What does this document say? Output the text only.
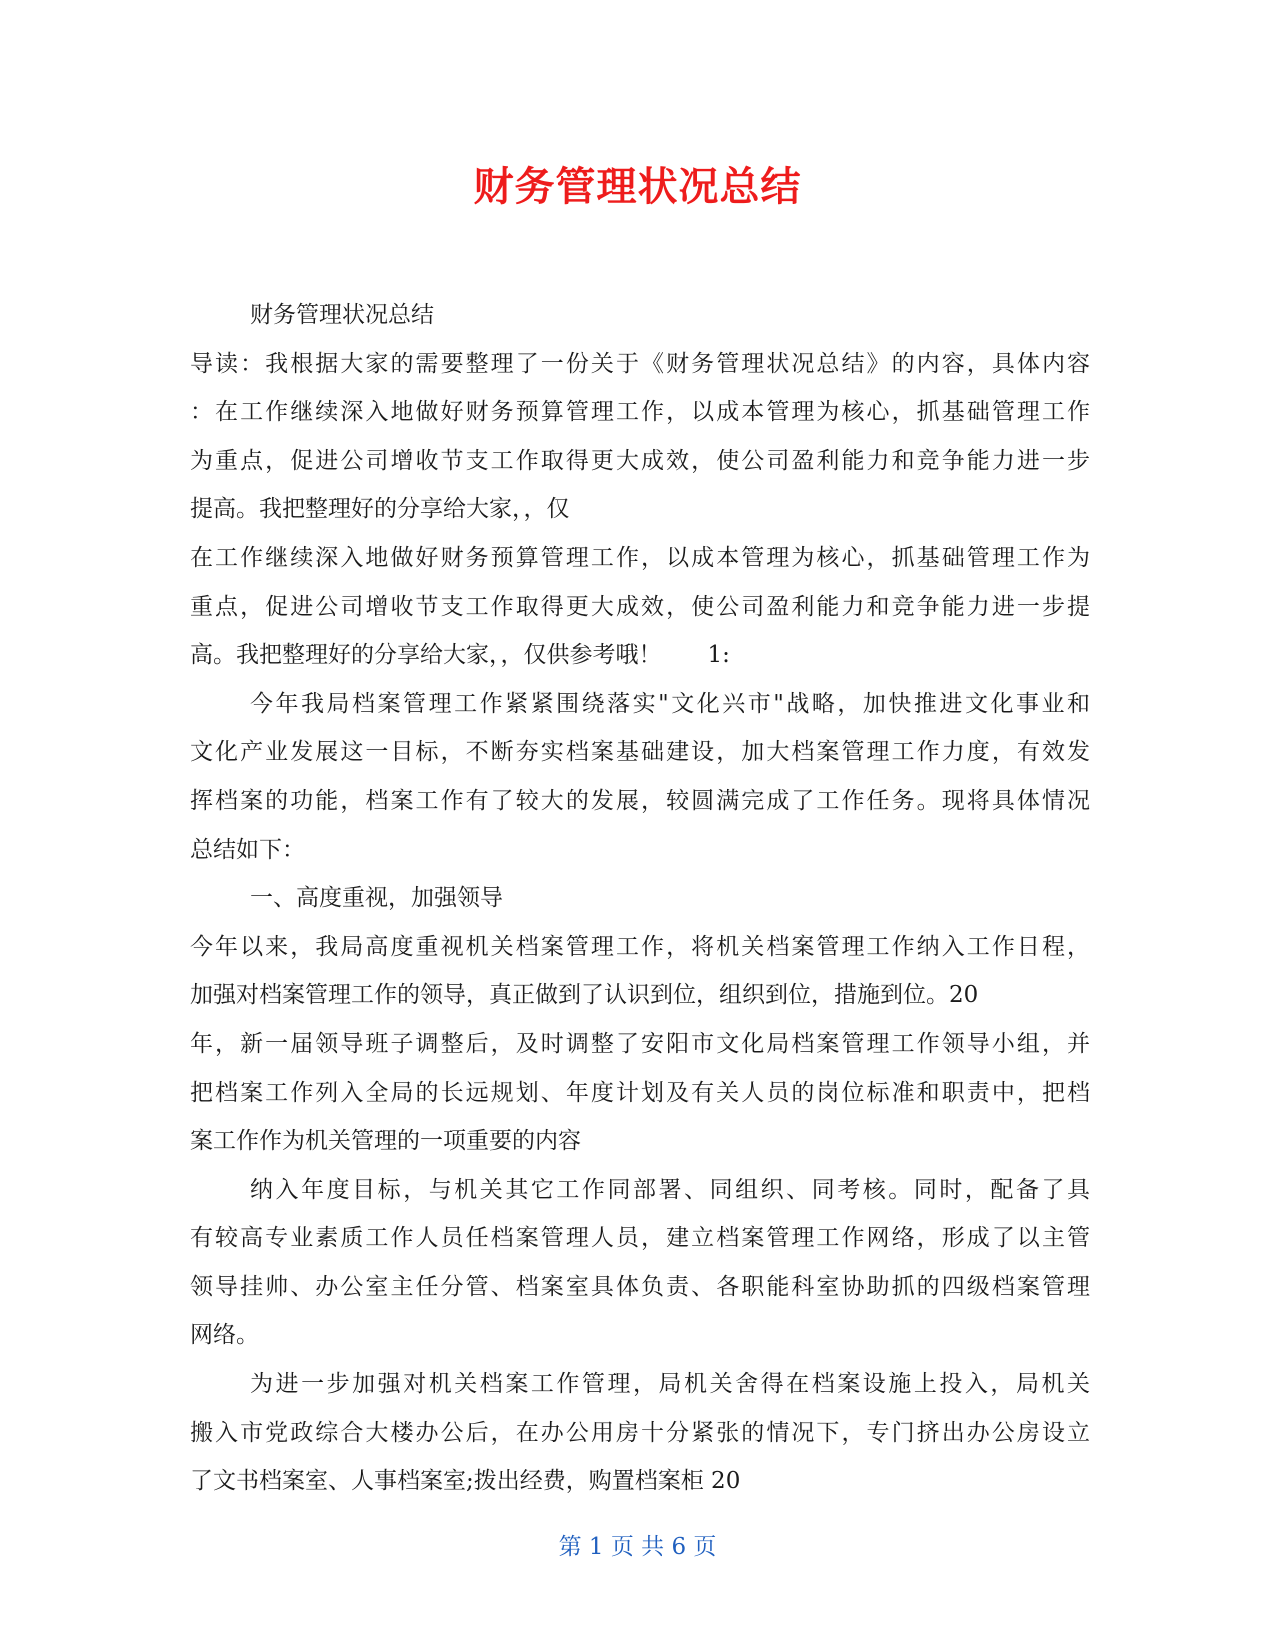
财务管理状况总结
财务管理状况总结
导读：我根据大家的需要整理了一份关于《财务管理状况总结》的内容，具体内容
：在工作继续深入地做好财务预算管理工作，以成本管理为核心，抓基础管理工作
为重点，促进公司增收节支工作取得更大成效，使公司盈利能力和竞争能力进一步
提高。我把整理好的分享给大家，，仅
在工作继续深入地做好财务预算管理工作，以成本管理为核心，抓基础管理工作为
重点，促进公司增收节支工作取得更大成效，使公司盈利能力和竞争能力进一步提
高。我把整理好的分享给大家，，仅供参考哦！　　1:
今年我局档案管理工作紧紧围绕落实"文化兴市"战略，加快推进文化事业和
文化产业发展这一目标，不断夯实档案基础建设，加大档案管理工作力度，有效发
挥档案的功能，档案工作有了较大的发展，较圆满完成了工作任务。现将具体情况
总结如下：
一、高度重视，加强领导
今年以来，我局高度重视机关档案管理工作，将机关档案管理工作纳入工作日程，
加强对档案管理工作的领导，真正做到了认识到位，组织到位，措施到位。20
年，新一届领导班子调整后，及时调整了安阳市文化局档案管理工作领导小组，并
把档案工作列入全局的长远规划、年度计划及有关人员的岗位标准和职责中，把档
案工作作为机关管理的一项重要的内容
纳入年度目标，与机关其它工作同部署、同组织、同考核。同时，配备了具
有较高专业素质工作人员任档案管理人员，建立档案管理工作网络，形成了以主管
领导挂帅、办公室主任分管、档案室具体负责、各职能科室协助抓的四级档案管理
网络。
为进一步加强对机关档案工作管理，局机关舍得在档案设施上投入，局机关
搬入市党政综合大楼办公后，在办公用房十分紧张的情况下，专门挤出办公房设立
了文书档案室、人事档案室;拨出经费，购置档案柜 20
第 1 页 共 6 页
